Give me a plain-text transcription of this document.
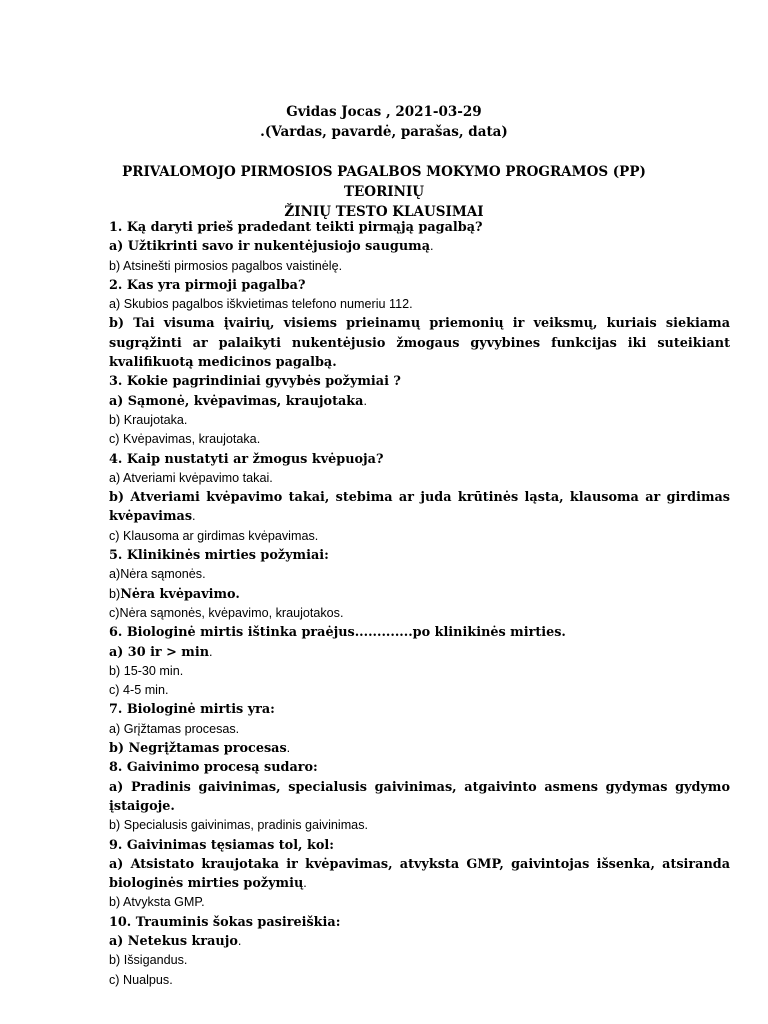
Gvidas Jocas , 2021-03-29
.(Vardas, pavardė, parašas, data)
PRIVALOMOJO PIRMOSIOS PAGALBOS MOKYMO PROGRAMOS (PP) TEORINIŲ
ŽINIŲ TESTO KLAUSIMAI

1. Ką daryti prieš pradedant teikti pirmąją pagalbą?

a) Užtikrinti savo ir nukentėjusiojo saugumą.

b) Atsinešti pirmosios pagalbos vaistinėlę.

2. Kas yra pirmoji pagalba?

a) Skubios pagalbos iškvietimas telefono numeriu 112.

b) Tai visuma įvairių, visiems prieinamų priemonių ir veiksmų, kuriais siekiama sugrąžinti ar palaikyti nukentėjusio žmogaus gyvybines funkcijas iki suteikiant kvalifikuotą medicinos pagalbą.

3. Kokie pagrindiniai gyvybės požymiai ?

a) Sąmonė, kvėpavimas, kraujotaka.

b) Kraujotaka.

c) Kvėpavimas, kraujotaka.

4. Kaip nustatyti ar žmogus kvėpuoja?

a) Atveriami kvėpavimo takai.

b) Atveriami kvėpavimo takai, stebima ar juda krūtinės ląsta, klausoma ar girdimas kvėpavimas.

c) Klausoma ar girdimas kvėpavimas.

5. Klinikinės mirties požymiai:

a)Nėra sąmonės.

b)Nėra kvėpavimo.

c)Nėra sąmonės, kvėpavimo, kraujotakos.

6. Biologinė mirtis ištinka praėjus.............po klinikinės mirties.

a) 30 ir > min.

b) 15-30 min.

c) 4-5 min.

7. Biologinė mirtis yra:

a) Grįžtamas procesas.

b) Negrįžtamas procesas.

8. Gaivinimo procesą sudaro:

a) Pradinis gaivinimas, specialusis gaivinimas, atgaivinto asmens gydymas gydymo įstaigoje.

b) Specialusis gaivinimas, pradinis gaivinimas.

9. Gaivinimas tęsiamas tol, kol:

a) Atsistato kraujotaka ir kvėpavimas, atvyksta GMP, gaivintojas išsenka, atsiranda biologinės mirties požymių.

b) Atvyksta GMP.

10. Trauminis šokas pasireiškia:

a) Netekus kraujo.

b) Išsigandus.

c) Nualpus.
